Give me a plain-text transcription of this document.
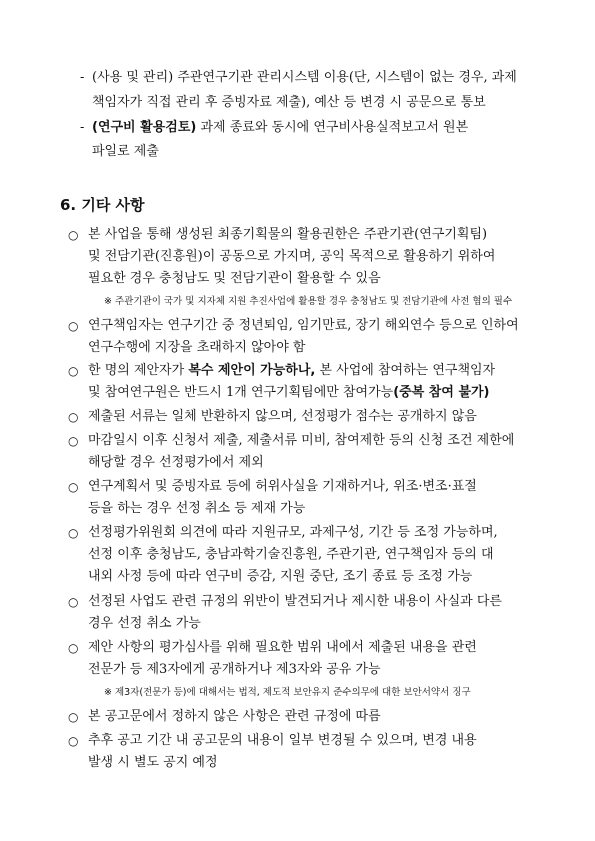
- (사용 및 관리) 주관연구기관 관리시스템 이용(단, 시스템이 없는 경우, 과제
책임자가 직접 관리 후 증빙자료 제출), 예산 등 변경 시 공문으로 통보
- (연구비 활용검토) 과제 종료와 동시에 연구비사용실적보고서 원본
파일로 제출
6. 기타 사항
○ 본 사업을 통해 생성된 최종기획물의 활용권한은 주관기관(연구기획팀)
및 전담기관(진흥원)이 공동으로 가지며, 공익 목적으로 활용하기 위하여
필요한 경우 충청남도 및 전담기관이 활용할 수 있음
※ 주관기관이 국가 및 지자체 지원 추진사업에 활용할 경우 충청남도 및 전담기관에 사전 협의 필수
○ 연구책임자는 연구기간 중 정년퇴임, 임기만료, 장기 해외연수 등으로 인하여
연구수행에 지장을 초래하지 않아야 함
○ 한 명의 제안자가 복수 제안이 가능하나, 본 사업에 참여하는 연구책임자
및 참여연구원은 반드시 1개 연구기획팀에만 참여가능(중복 참여 불가)
○ 제출된 서류는 일체 반환하지 않으며, 선정평가 점수는 공개하지 않음
○ 마감일시 이후 신청서 제출, 제출서류 미비, 참여제한 등의 신청 조건 제한에
해당할 경우 선정평가에서 제외
○ 연구계획서 및 증빙자료 등에 허위사실을 기재하거나, 위조·변조·표절
등을 하는 경우 선정 취소 등 제재 가능
○ 선정평가위원회 의견에 따라 지원규모, 과제구성, 기간 등 조정 가능하며,
선정 이후 충청남도, 충남과학기술진흥원, 주관기관, 연구책임자 등의 대
내외 사정 등에 따라 연구비 증감, 지원 중단, 조기 종료 등 조정 가능
○ 선정된 사업도 관련 규정의 위반이 발견되거나 제시한 내용이 사실과 다른
경우 선정 취소 가능
○ 제안 사항의 평가심사를 위해 필요한 범위 내에서 제출된 내용을 관련
전문가 등 제3자에게 공개하거나 제3자와 공유 가능
※ 제3자(전문가 등)에 대해서는 법적, 제도적 보안유지 준수의무에 대한 보안서약서 징구
○ 본 공고문에서 정하지 않은 사항은 관련 규정에 따름
○ 추후 공고 기간 내 공고문의 내용이 일부 변경될 수 있으며, 변경 내용
발생 시 별도 공지 예정
